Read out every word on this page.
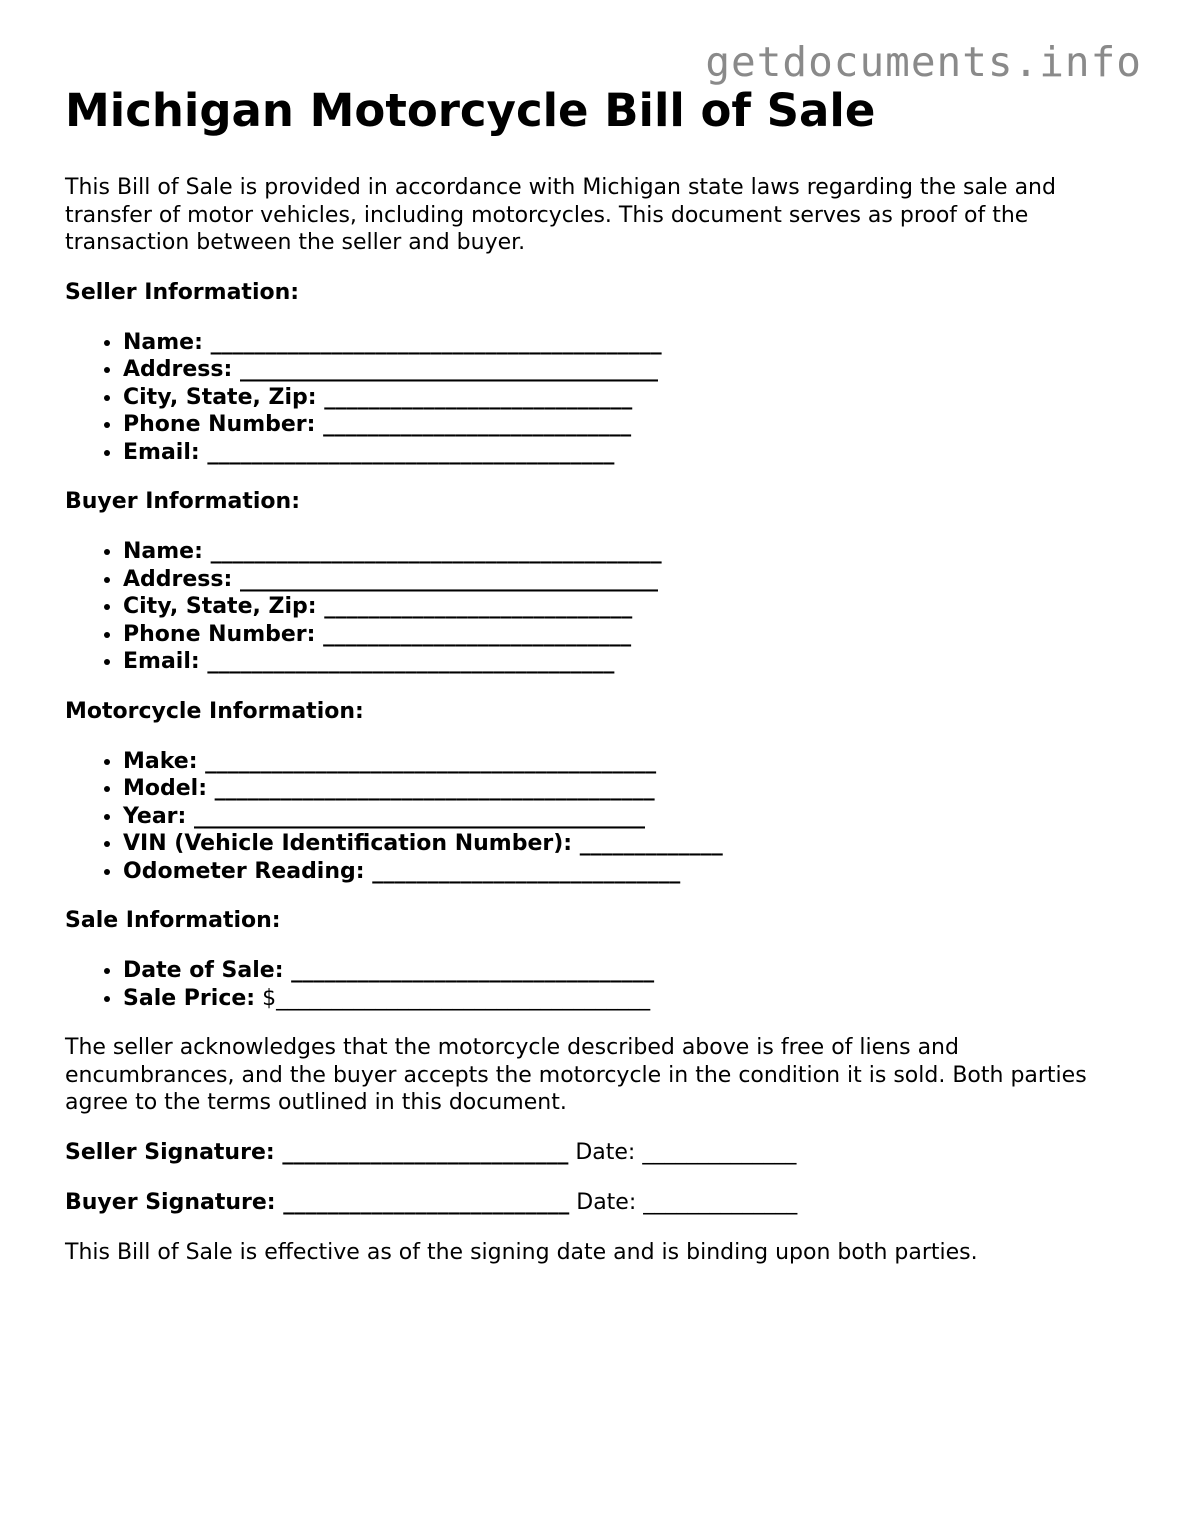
getdocuments.info
Michigan Motorcycle Bill of Sale

This Bill of Sale is provided in accordance with Michigan state laws regarding the sale and transfer of motor vehicles, including motorcycles. This document serves as proof of the transaction between the seller and buyer.

Seller Information:
• Name: _________________________________________
• Address: ______________________________________
• City, State, Zip: ____________________________
• Phone Number: ____________________________
• Email: _____________________________________
Buyer Information:
• Name: _________________________________________
• Address: ______________________________________
• City, State, Zip: ____________________________
• Phone Number: ____________________________
• Email: _____________________________________
Motorcycle Information:
• Make: _________________________________________
• Model: ________________________________________
• Year: _________________________________________
• VIN (Vehicle Identification Number): _____________
• Odometer Reading: ____________________________
Sale Information:
• Date of Sale: _________________________________
• Sale Price: $__________________________________

The seller acknowledges that the motorcycle described above is free of liens and encumbrances, and the buyer accepts the motorcycle in the condition it is sold. Both parties agree to the terms outlined in this document.

Seller Signature: __________________________ Date: ______________
Buyer Signature: __________________________ Date: ______________

This Bill of Sale is effective as of the signing date and is binding upon both parties.
